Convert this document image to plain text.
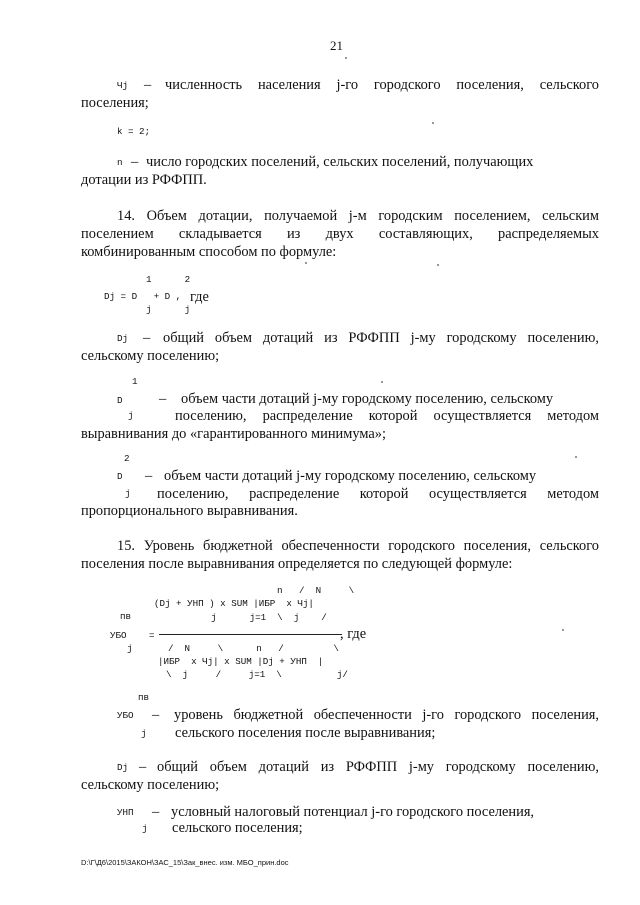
21
Чj – численность населения j-го городского поселения, сельского
поселения;
k = 2;
n – число городских поселений, сельских поселений, получающих
дотации из РФФПП.
14. Объем дотации, получаемой j-м городским поселением, сельским
поселением складывается из двух составляющих, распределяемых
комбинированным способом по формуле:
1      2
Dj = D   + D , где
j      j
Dj – общий объем дотаций из РФФПП j-му городскому поселению,
сельскому поселению;
1
D	– объем части дотаций j-му городскому поселению, сельскому
j	поселению, распределение которой осуществляется методом
выравнивания до «гарантированного минимума»;
2
D – объем части дотаций j-му городскому поселению, сельскому
j поселению, распределение которой осуществляется методом
пропорционального выравнивания.
15. Уровень бюджетной обеспеченности городского поселения, сельского
поселения после выравнивания определяется по следующей формуле:
n   /  N     \
(Dj + УНП ) x SUM |ИБР  x Чj|
пв	j      j=1  \  j    /
УБО =	, где
j	/  N     \      n   /         \
|ИБР  x Чj| x SUM |Dj + УНП  |
\  j     /     j=1  \          j/
пв
УБО – уровень бюджетной обеспеченности j-го городского поселения,
j сельского поселения после выравнивания;
Dj – общий объем дотаций из РФФПП j-му городскому поселению,
сельскому поселению;
УНП – условный налоговый потенциал j-го городского поселения,
j сельского поселения;
D:\Г\Д6\2015\ЗАКОН\ЗАС_15\Зак_внес. изм. МБО_прин.doc
